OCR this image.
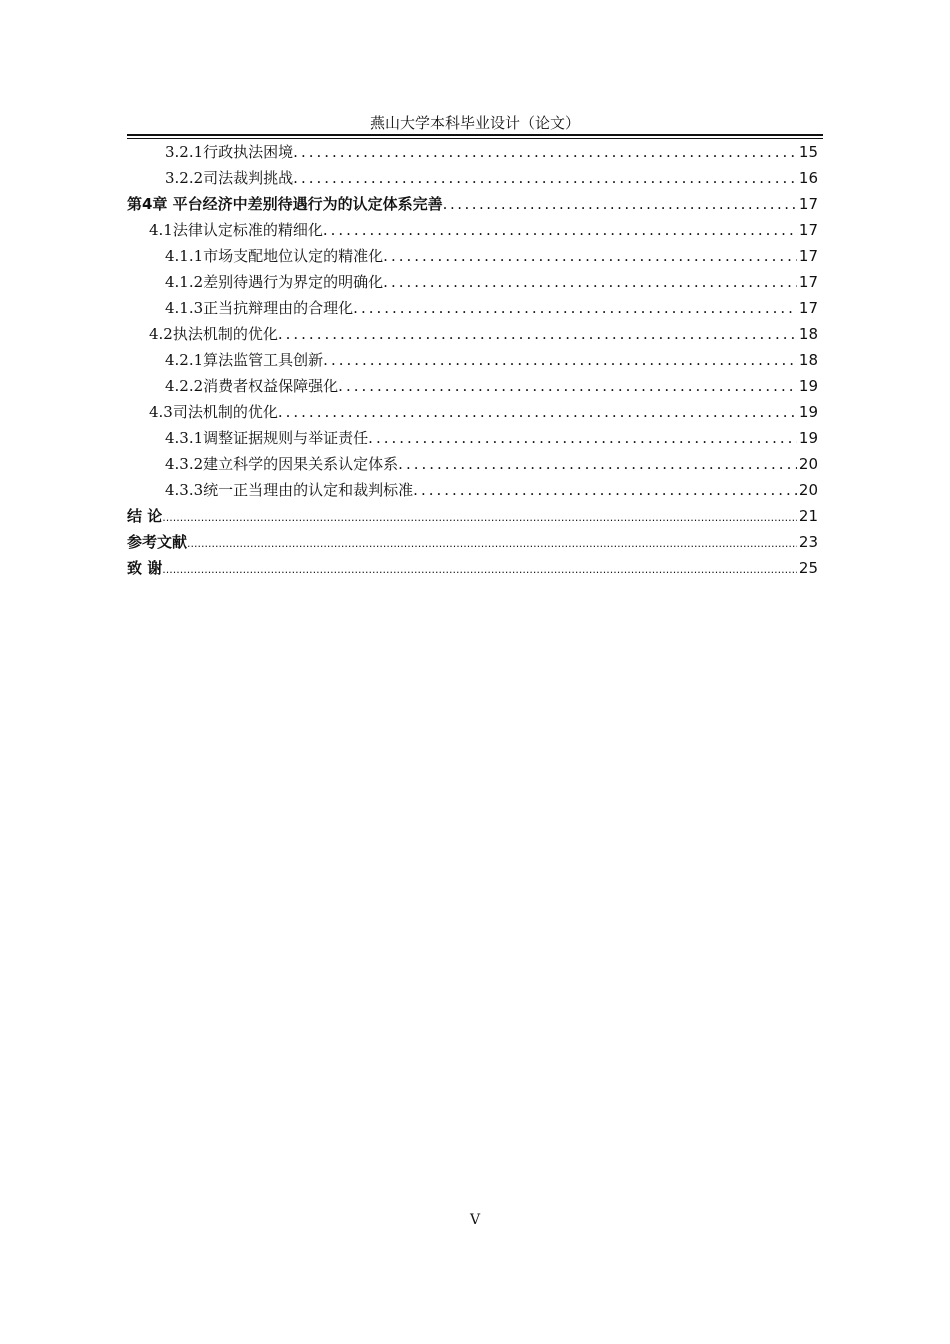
燕山大学本科毕业设计（论文）
3.2.1行政执法困境 .....	15
3.2.2司法裁判挑战 .....	16
第4章 平台经济中差别待遇行为的认定体系完善 .....	17
4.1法律认定标准的精细化 .....	17
4.1.1市场支配地位认定的精准化 .....	17
4.1.2差别待遇行为界定的明确化 .....	17
4.1.3正当抗辩理由的合理化 .....	17
4.2执法机制的优化 .....	18
4.2.1算法监管工具创新 .....	18
4.2.2消费者权益保障强化 .....	19
4.3司法机制的优化 .....	19
4.3.1调整证据规则与举证责任 .....	19
4.3.2建立科学的因果关系认定体系 .....	20
4.3.3统一正当理由的认定和裁判标准 .....	20
结 论 .....	21
参考文献 .....	23
致 谢 .....	25
V
